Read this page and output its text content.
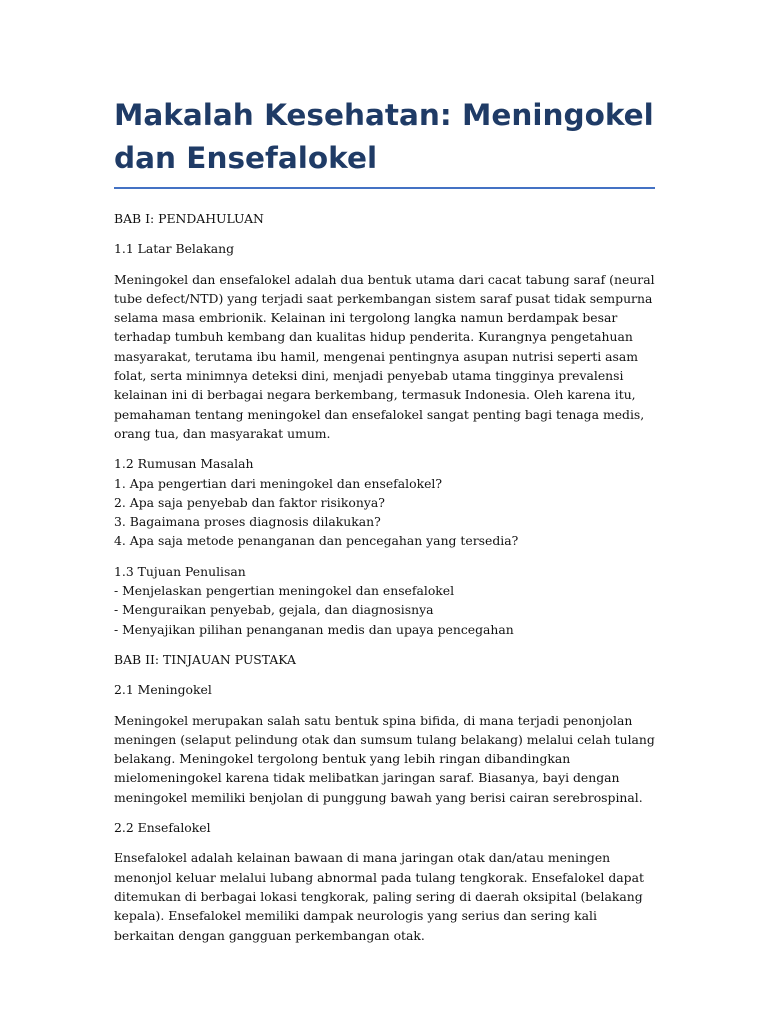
Makalah Kesehatan: Meningokel dan Ensefalokel

BAB I: PENDAHULUAN

1.1 Latar Belakang

Meningokel dan ensefalokel adalah dua bentuk utama dari cacat tabung saraf (neural tube defect/NTD) yang terjadi saat perkembangan sistem saraf pusat tidak sempurna selama masa embrionik. Kelainan ini tergolong langka namun berdampak besar terhadap tumbuh kembang dan kualitas hidup penderita. Kurangnya pengetahuan masyarakat, terutama ibu hamil, mengenai pentingnya asupan nutrisi seperti asam folat, serta minimnya deteksi dini, menjadi penyebab utama tingginya prevalensi kelainan ini di berbagai negara berkembang, termasuk Indonesia. Oleh karena itu, pemahaman tentang meningokel dan ensefalokel sangat penting bagi tenaga medis, orang tua, dan masyarakat umum.

1.2 Rumusan Masalah

1. Apa pengertian dari meningokel dan ensefalokel?

2. Apa saja penyebab dan faktor risikonya?

3. Bagaimana proses diagnosis dilakukan?

4. Apa saja metode penanganan dan pencegahan yang tersedia?

1.3 Tujuan Penulisan

- Menjelaskan pengertian meningokel dan ensefalokel

- Menguraikan penyebab, gejala, dan diagnosisnya

- Menyajikan pilihan penanganan medis dan upaya pencegahan

BAB II: TINJAUAN PUSTAKA

2.1 Meningokel

Meningokel merupakan salah satu bentuk spina bifida, di mana terjadi penonjolan meningen (selaput pelindung otak dan sumsum tulang belakang) melalui celah tulang belakang. Meningokel tergolong bentuk yang lebih ringan dibandingkan mielomeningokel karena tidak melibatkan jaringan saraf. Biasanya, bayi dengan meningokel memiliki benjolan di punggung bawah yang berisi cairan serebrospinal.

2.2 Ensefalokel

Ensefalokel adalah kelainan bawaan di mana jaringan otak dan/atau meningen menonjol keluar melalui lubang abnormal pada tulang tengkorak. Ensefalokel dapat ditemukan di berbagai lokasi tengkorak, paling sering di daerah oksipital (belakang kepala). Ensefalokel memiliki dampak neurologis yang serius dan sering kali berkaitan dengan gangguan perkembangan otak.
